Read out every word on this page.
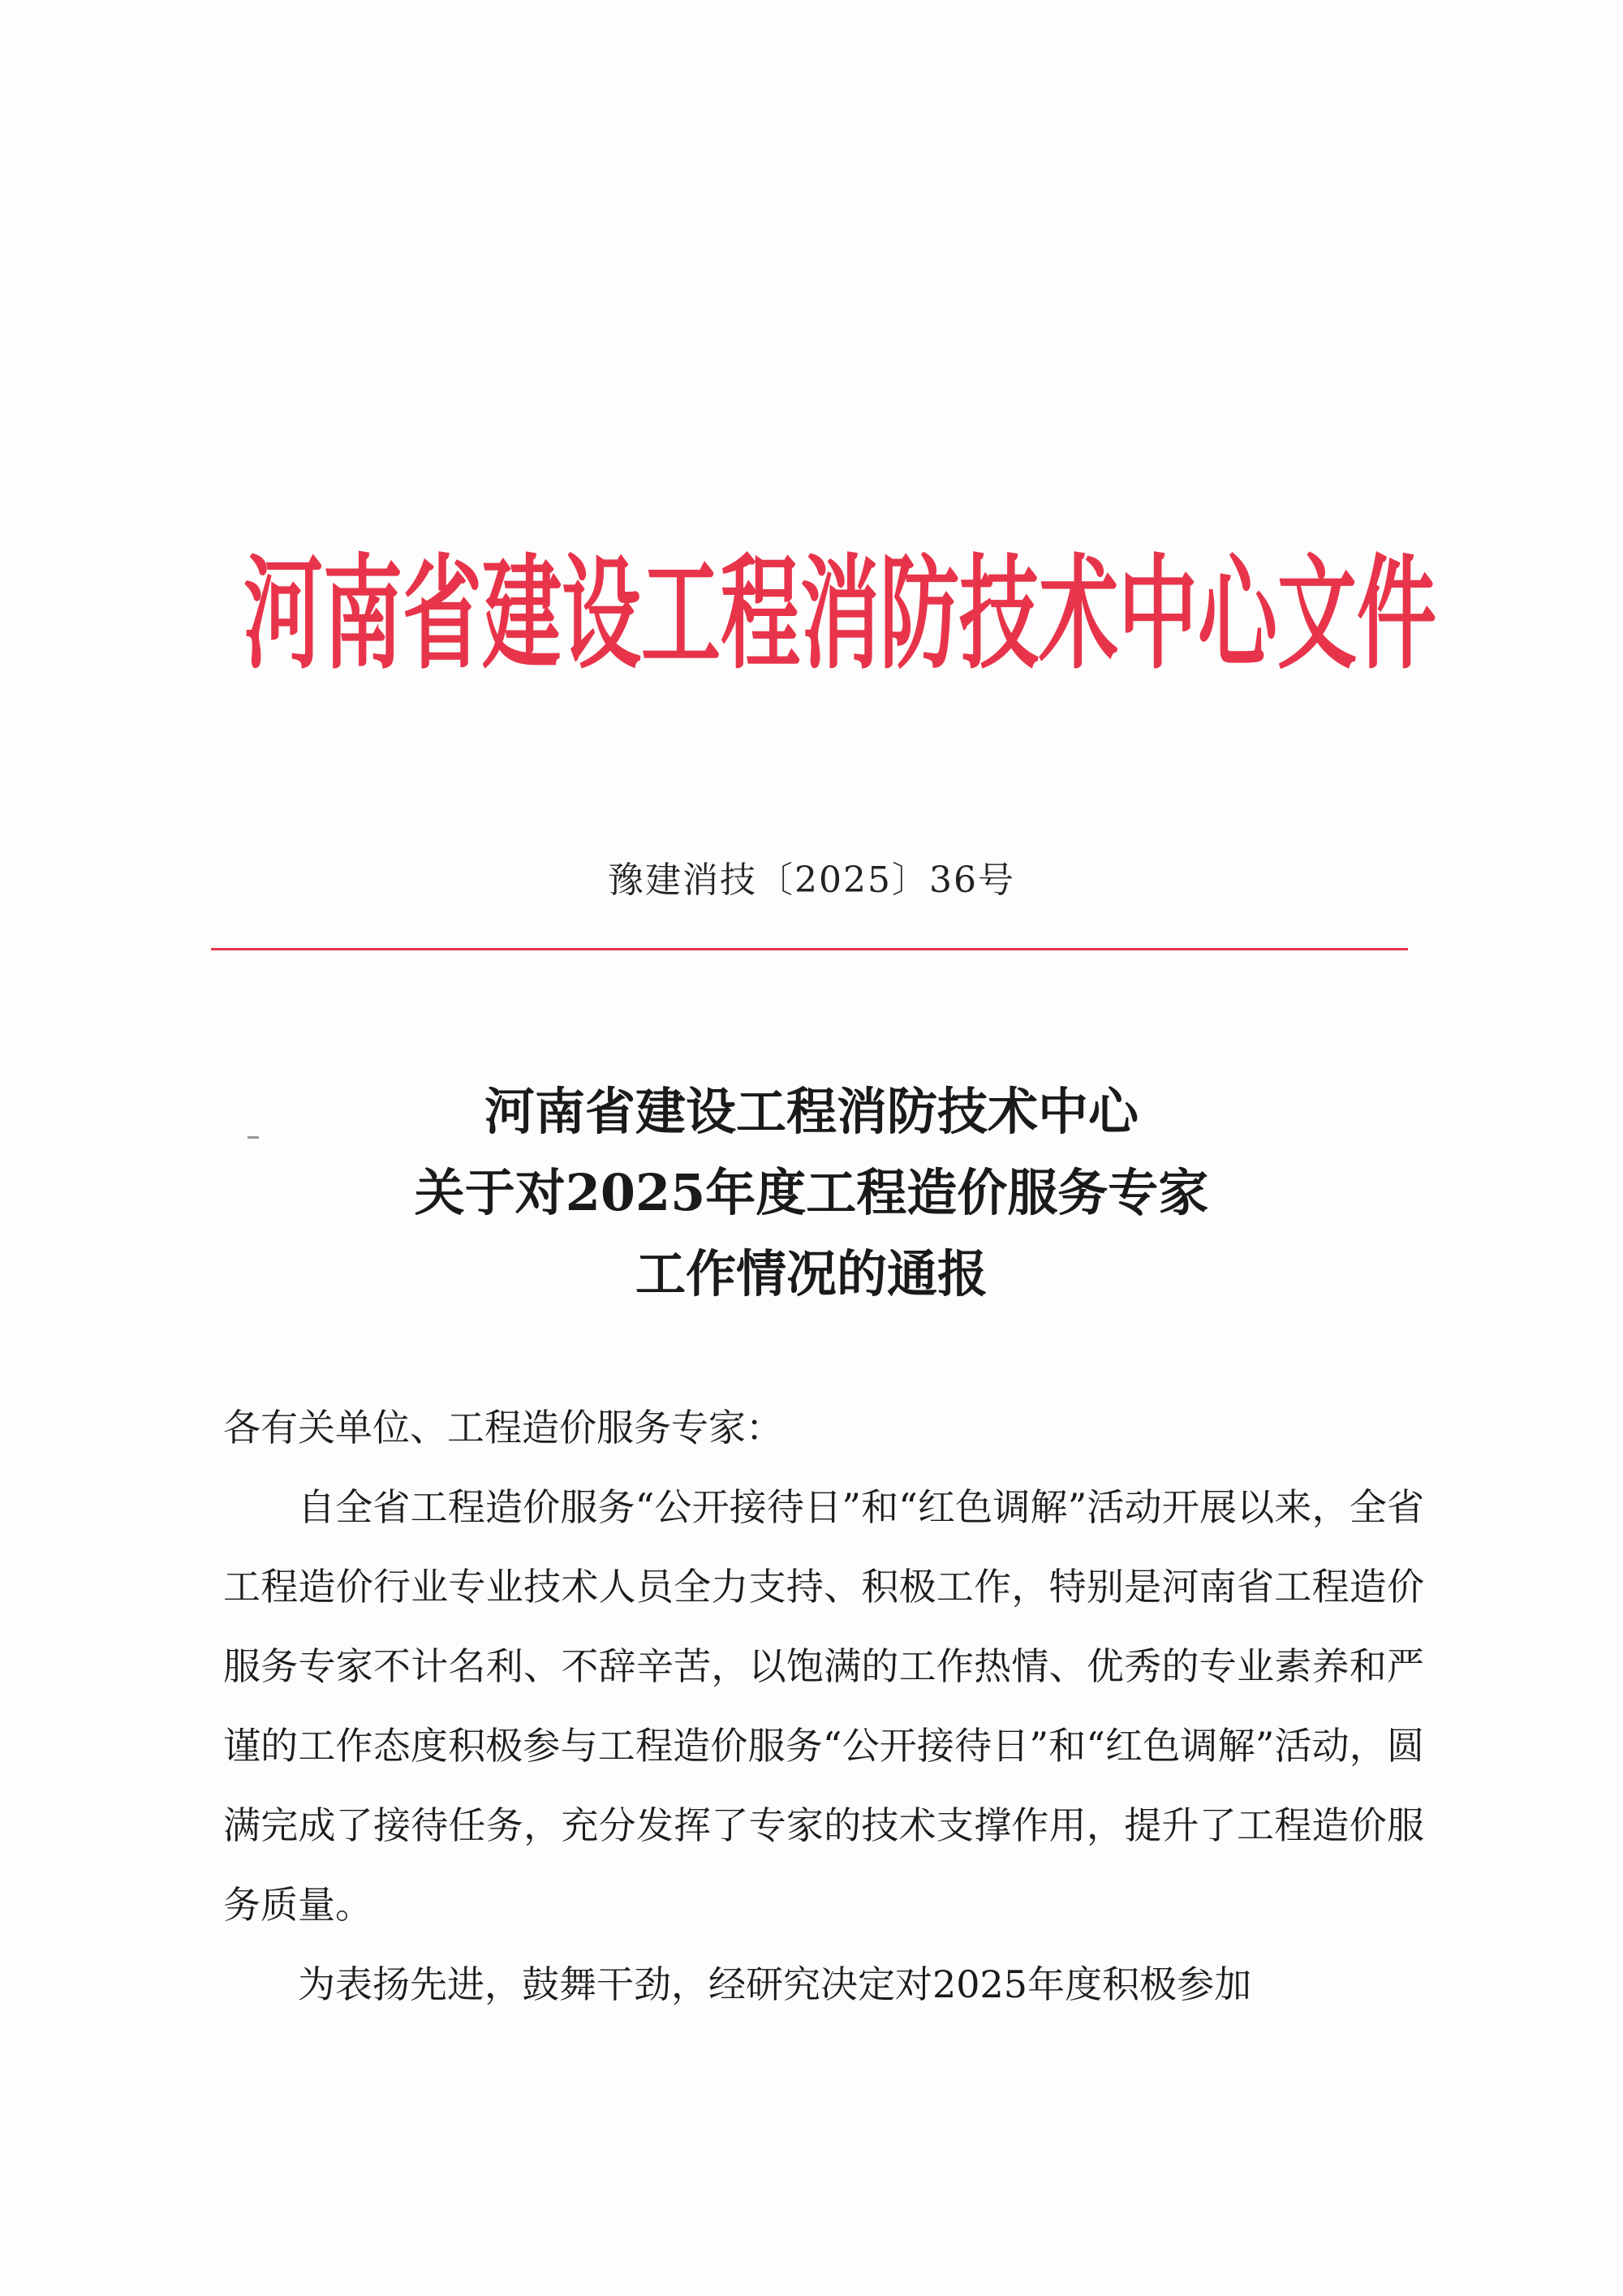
河南省建设工程消防技术中心文件
豫建消技〔2025〕36号
河南省建设工程消防技术中心
关于对2025年度工程造价服务专家
工作情况的通报
各有关单位、工程造价服务专家：

自全省工程造价服务“公开接待日”和“红色调解”活动开展以来，全省工程造价行业专业技术人员全力支持、积极工作，特别是河南省工程造价服务专家不计名利、不辞辛苦，以饱满的工作热情、优秀的专业素养和严谨的工作态度积极参与工程造价服务“公开接待日”和“红色调解”活动，圆满完成了接待任务，充分发挥了专家的技术支撑作用，提升了工程造价服务质量。

为表扬先进，鼓舞干劲，经研究决定对2025年度积极参加
